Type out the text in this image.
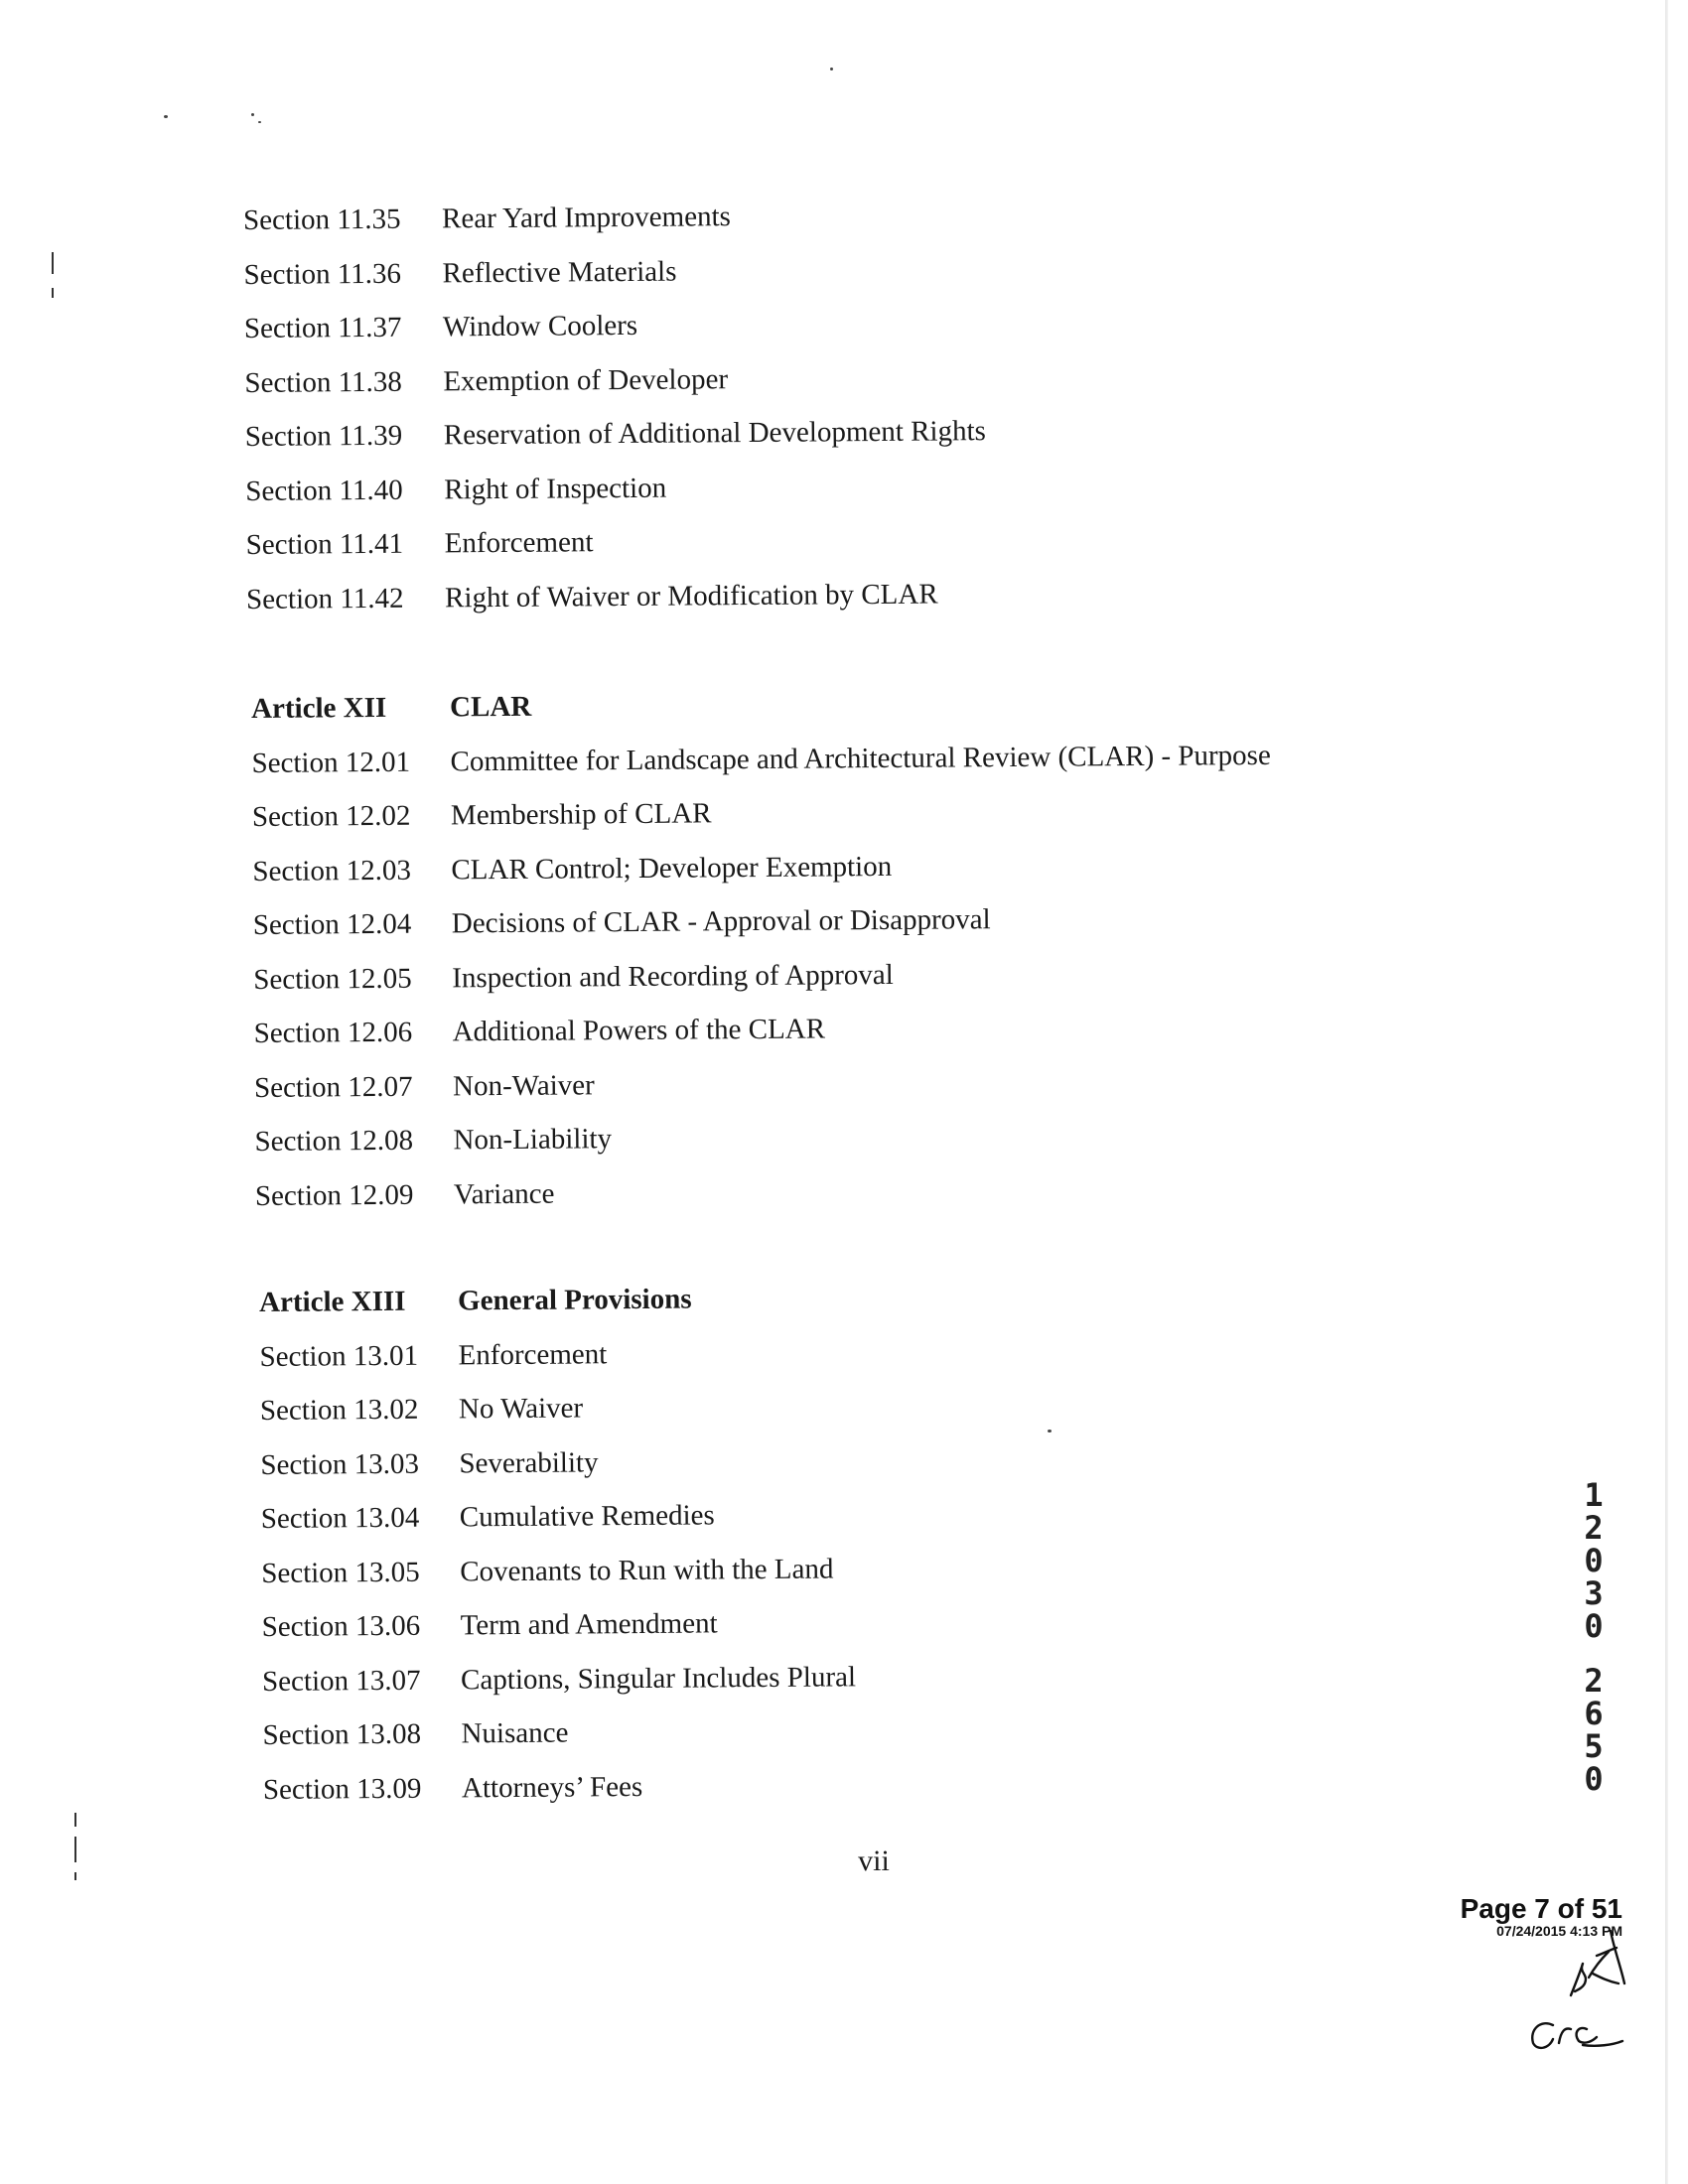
Section 11.35	Rear Yard Improvements
Section 11.36	Reflective Materials
Section 11.37	Window Coolers
Section 11.38	Exemption of Developer
Section 11.39	Reservation of Additional Development Rights
Section 11.40	Right of Inspection
Section 11.41	Enforcement
Section 11.42	Right of Waiver or Modification by CLAR
Article XII	CLAR
Section 12.01	Committee for Landscape and Architectural Review (CLAR) - Purpose
Section 12.02	Membership of CLAR
Section 12.03	CLAR Control; Developer Exemption
Section 12.04	Decisions of CLAR - Approval or Disapproval
Section 12.05	Inspection and Recording of Approval
Section 12.06	Additional Powers of the CLAR
Section 12.07	Non-Waiver
Section 12.08	Non-Liability
Section 12.09	Variance
Article XIII	General Provisions
Section 13.01	Enforcement
Section 13.02	No Waiver
Section 13.03	Severability
Section 13.04	Cumulative Remedies
Section 13.05	Covenants to Run with the Land
Section 13.06	Term and Amendment
Section 13.07	Captions, Singular Includes Plural
Section 13.08	Nuisance
Section 13.09	Attorneys’ Fees
1
2
0
3
0
2
6
5
0
vii
Page 7 of 51
07/24/2015 4:13 PM
